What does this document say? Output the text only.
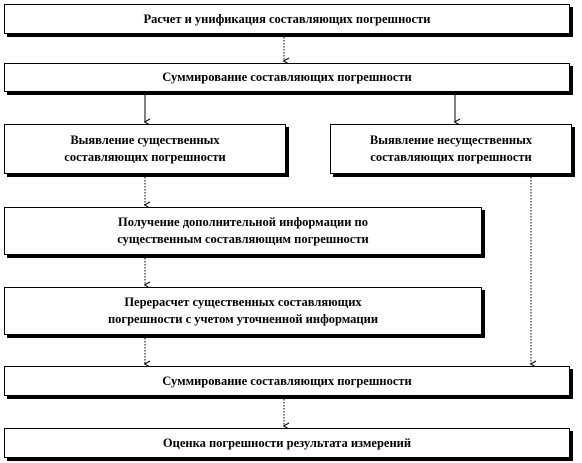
Расчет и унификация составляющих погрешности
Суммирование составляющих погрешности
Выявление существенных
составляющих погрешности
Выявление несущественных
составляющих погрешности
Получение дополнительной информации по
существенным составляющим погрешности
Перерасчет существенных составляющих
погрешности с учетом уточненной информации
Суммирование составляющих погрешности
Оценка погрешности результата измерений
